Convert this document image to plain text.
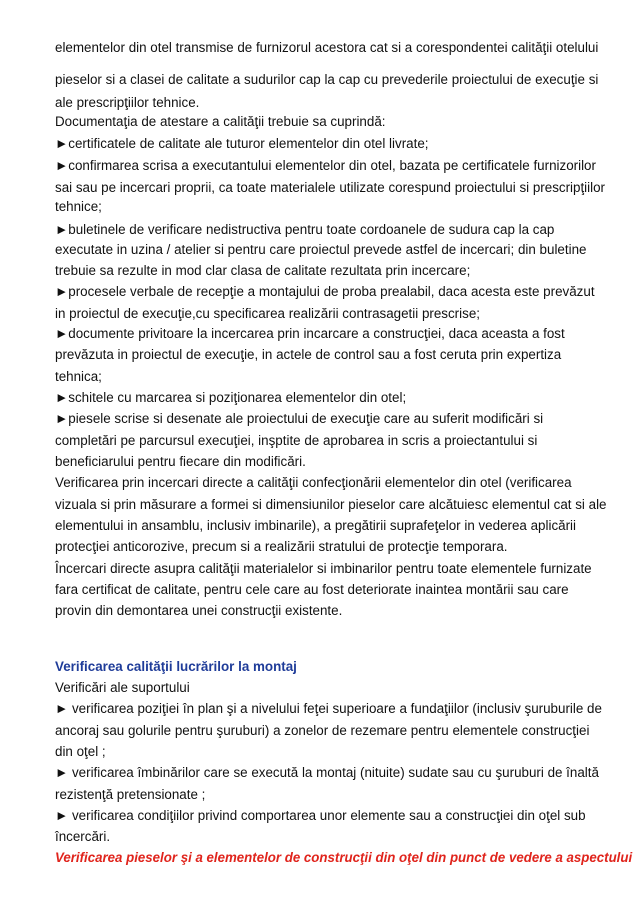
elementelor din otel transmise de furnizorul acestora cat si a corespondentei calităţii otelului
pieselor si a clasei de calitate a sudurilor cap la cap cu prevederile proiectului de execuţie si
ale prescripţiilor tehnice.
Documentaţia de atestare a calităţii trebuie sa cuprindă:
►certificatele de calitate ale tuturor elementelor din otel livrate;
►confirmarea scrisa a executantului elementelor din otel, bazata pe certificatele furnizorilor
sai sau pe incercari proprii, ca toate materialele utilizate corespund proiectului si prescripţiilor
tehnice;
►buletinele de verificare nedistructiva pentru toate cordoanele de sudura cap la cap
executate in uzina / atelier si pentru care proiectul prevede astfel de incercari; din buletine
trebuie sa rezulte in mod clar clasa de calitate rezultata prin incercare;
►procesele verbale de recepţie a montajului de proba prealabil, daca acesta este prevăzut
in proiectul de execuţie,cu specificarea realizării contrasagetii prescrise;
►documente privitoare la incercarea prin incarcare a construcţiei, daca aceasta a fost
prevăzuta in proiectul de execuţie, in actele de control sau a fost ceruta prin expertiza
tehnica;
►schitele cu marcarea si poziţionarea elementelor din otel;
►piesele scrise si desenate ale proiectului de execuţie care au suferit modificări si
completări pe parcursul execuţiei, inşptite de aprobarea in scris a proiectantului si
beneficiarului pentru fiecare din modificări.
Verificarea prin incercari directe a calităţii confecţionării elementelor din otel (verificarea
vizuala si prin măsurare a formei si dimensiunilor pieselor care alcătuiesc elementul cat si ale
elementului in ansamblu, inclusiv imbinarile), a pregătirii suprafeţelor in vederea aplicării
protecţiei anticorozive, precum si a realizării stratului de protecţie temporara.
Încercari directe asupra calităţii materialelor si imbinarilor pentru toate elementele furnizate
fara certificat de calitate, pentru cele care au fost deteriorate inaintea montării sau care
provin din demontarea unei construcţii existente.
Verificarea calităţii lucrărilor la montaj
Verificări ale suportului
► verificarea poziţiei în plan şi a nivelului feţei superioare a fundaţiilor (inclusiv şuruburile de
ancoraj sau golurile pentru şuruburi) a zonelor de rezemare pentru elementele construcţiei
din oţel ;
► verificarea îmbinărilor care se execută la montaj (nituite) sudate sau cu şuruburi de înaltă
rezistenţă pretensionate ;
► verificarea condiţiilor privind comportarea unor elemente sau a construcţiei din oţel sub
încercări.
Verificarea pieselor şi a elementelor de construcţii din oţel din punct de vedere a aspectului
